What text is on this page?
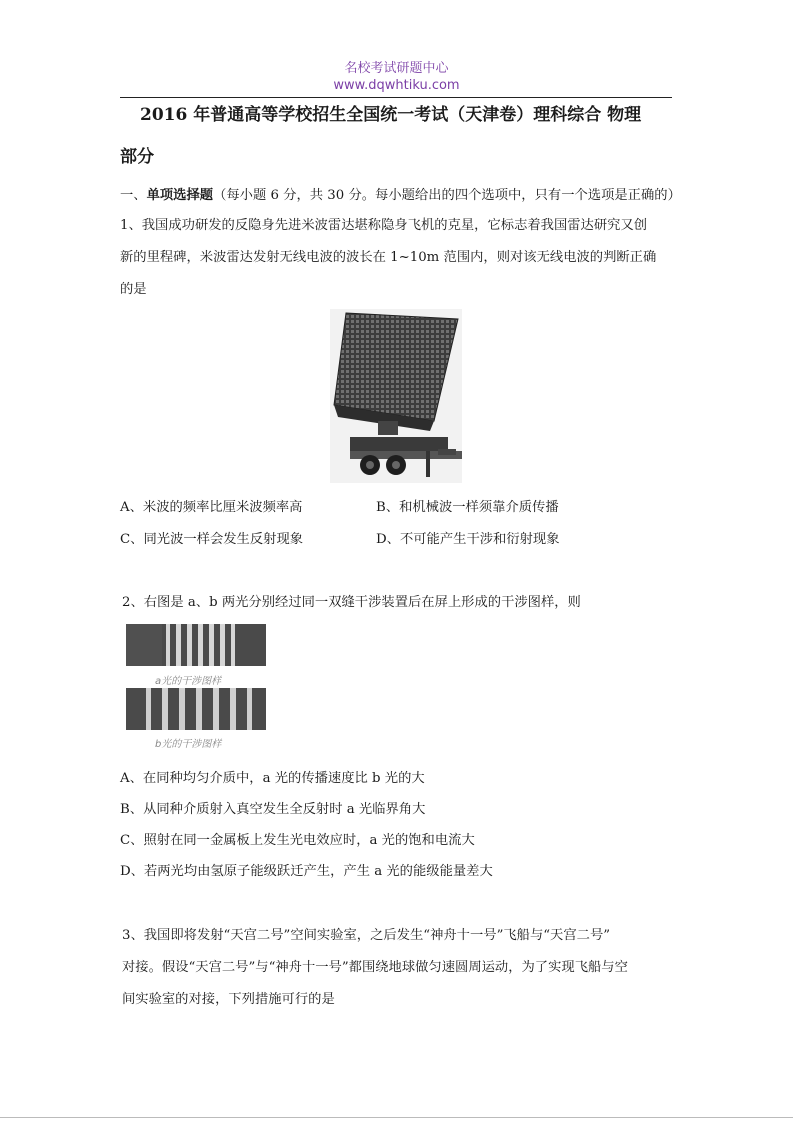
名校考试研题中心
www.dqwhtiku.com
2016 年普通高等学校招生全国统一考试（天津卷）理科综合 物理
部分
一、单项选择题（每小题 6 分，共 30 分。每小题给出的四个选项中，只有一个选项是正确的）
1、我国成功研发的反隐身先进米波雷达堪称隐身飞机的克星，它标志着我国雷达研究又创
新的里程碑，米波雷达发射无线电波的波长在 1~10m 范围内，则对该无线电波的判断正确
的是
A、米波的频率比厘米波频率高	B、和机械波一样须靠介质传播
C、同光波一样会发生反射现象	D、不可能产生干涉和衍射现象
2、右图是 a、b 两光分别经过同一双缝干涉装置后在屏上形成的干涉图样，则
a光的干涉图样
b光的干涉图样
A、在同种均匀介质中，a 光的传播速度比 b 光的大
B、从同种介质射入真空发生全反射时 a 光临界角大
C、照射在同一金属板上发生光电效应时，a 光的饱和电流大
D、若两光均由氢原子能级跃迁产生，产生 a 光的能级能量差大
3、我国即将发射“天宫二号”空间实验室，之后发生“神舟十一号”飞船与“天宫二号”
对接。假设“天宫二号”与“神舟十一号”都围绕地球做匀速圆周运动，为了实现飞船与空
间实验室的对接，下列措施可行的是
